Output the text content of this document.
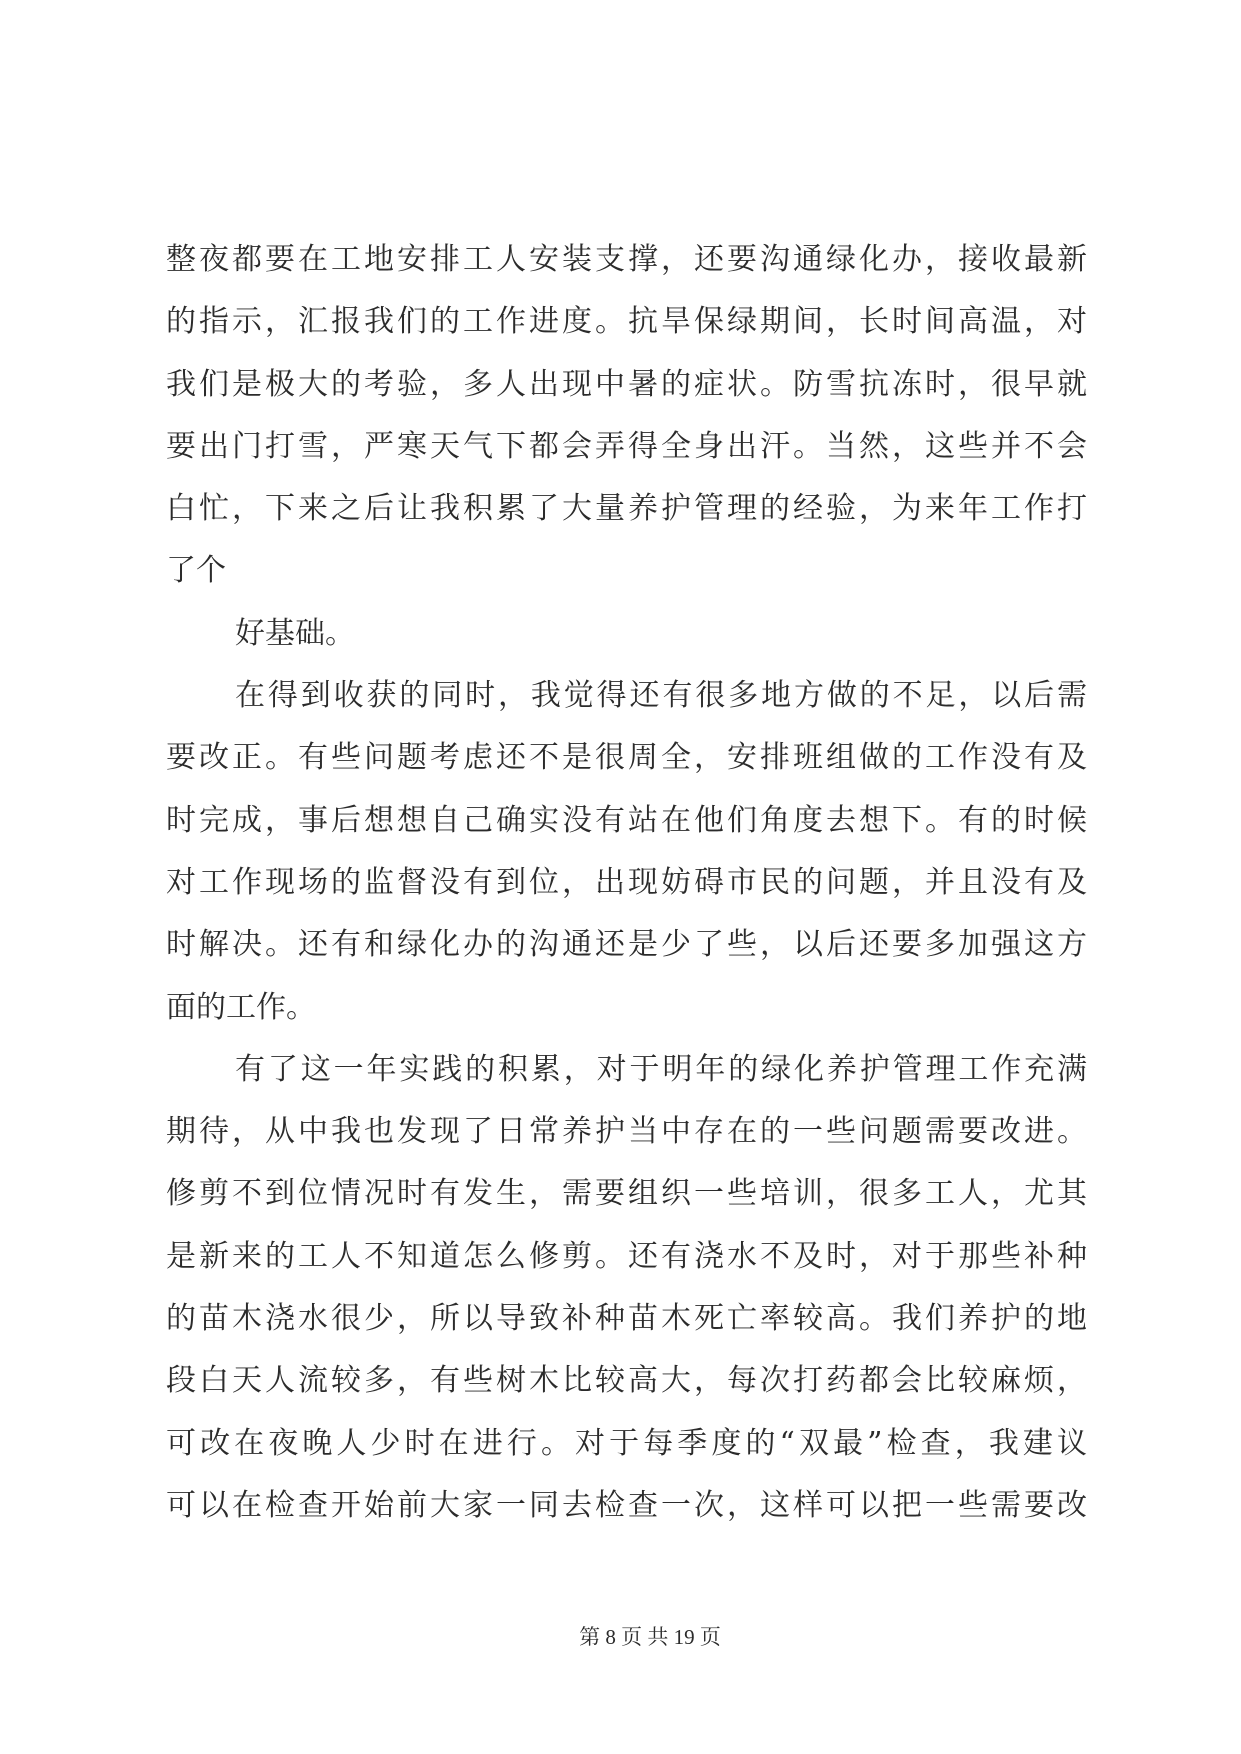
整夜都要在工地安排工人安装支撑，还要沟通绿化办，接收最新
的指示，汇报我们的工作进度。抗旱保绿期间，长时间高温，对
我们是极大的考验，多人出现中暑的症状。防雪抗冻时，很早就
要出门打雪，严寒天气下都会弄得全身出汗。当然，这些并不会
白忙，下来之后让我积累了大量养护管理的经验，为来年工作打
了个
好基础。
在得到收获的同时，我觉得还有很多地方做的不足，以后需
要改正。有些问题考虑还不是很周全，安排班组做的工作没有及
时完成，事后想想自己确实没有站在他们角度去想下。有的时候
对工作现场的监督没有到位，出现妨碍市民的问题，并且没有及
时解决。还有和绿化办的沟通还是少了些，以后还要多加强这方
面的工作。
有了这一年实践的积累，对于明年的绿化养护管理工作充满
期待，从中我也发现了日常养护当中存在的一些问题需要改进。
修剪不到位情况时有发生，需要组织一些培训，很多工人，尤其
是新来的工人不知道怎么修剪。还有浇水不及时，对于那些补种
的苗木浇水很少，所以导致补种苗木死亡率较高。我们养护的地
段白天人流较多，有些树木比较高大，每次打药都会比较麻烦，
可改在夜晚人少时在进行。对于每季度的“双最”检查，我建议
可以在检查开始前大家一同去检查一次，这样可以把一些需要改
第 8 页 共 19 页
